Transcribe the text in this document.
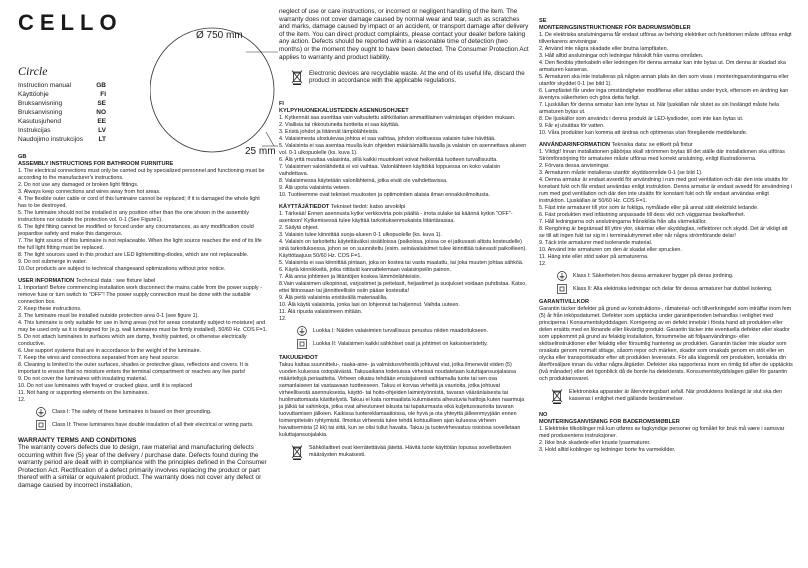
CELLO
Circle
Instruction manual	GB
Käyttöohje	FI
Bruksanvisning	SE
Bruksanvisning	NO
Kasutusjuhend	EE
Instrukcijas	LV
Naudojimo instrukcijos LT
GB
ASSEMBLY INSTRUCTIONS FOR BATHROOM FURNITURE

1. The electrical connections must only be carried out by specialized personnel and functioning must be according to the manufacturer's instructions.

2. Do not use any damaged or broken light fittings.

3. Always keep connections and wires away from hot areas.

4. The flexible outer cable or cord of this luminaire cannot be replaced; if it is damaged the whole light has to be destroyed.

5. The luminaire should not be installed in any position other than the one shown in the assembly instructions nor outside the protection vol. 0-1 (See Figure1).

6. The light fitting cannot be modified or forced under any circumstances, as any modification could jeopardise safety and make this dangerous.

7. The light source of this luminaire is not replaceable. When the light source reaches the end of its life the full light fitting must be replaced.

8. The light sources used in this product are LED lightemitting-diodes, which are not replaceable.

9. Do not submerge in water.

10.Our products are subject to technical changesand optimizations without prior notice.

USER INFORMATION Technical data : see fixture label

1. Important! Before commencing installation work disconnect the mains cable from the power supply - remove fuse or turn switch to "OFF"! The power supply connection must be done with the suitable connection box.

2. Keep these instructions.

3. The luminaire must be installed outside protection area 0-1 (see figure 1).

4. This luminaire is only suitable for use in living areas (not for areas constantly subject to moisture) and may be used only as it is designed for (e.g. wall luminaires must be firmly installed). 50/60 Hz. COS F=1.

5. Do not attach luminaires to surfaces which are damp, freshly painted, or otherwise electrically conductive.

6. Use support systems that are in accordance to the weight of the luminaire.

7. Keep the wires and connections separated from any heat source.

8. Cleaning is limited to the outer surfaces, shades or protective glass, reflectors and covers. It is important to ensure that no moisture enters the terminal compartment or reaches any live parts!

9. Do not cover the luminaires with insulating material.

10. Do not use luminaires with frayed or cracked glass, until it is replaced

11. Not hang or supporting elements on the luminaires.

12.

Class I: The safety of these luminaires is based on their grounding.
Class II: These luminaires have double insulation of all their electrical or wiring parts.
WARRANTY TERMS AND CONDITIONS

The warranty covers defects due to design, raw material and manufacturing defects occurring within five (5) year of the delivery / purchase date. Defects found during the warranty period are dealt with in compliance with the principles defined in the Consumer Protection Act. Rectification of a defect primarily involves replacing the product or part thereof with a similar or equivalent product. The warranty does not cover any defect or damage caused by incorrect installation,

neglect of use or care instructions, or incorrect or negligent handling of the item. The warranty does not cover damage caused by normal wear and tear, such as scratches and marks, damage caused by impact or an accident, or transport damage after delivery of the item. You can direct product complaints, please contact your dealer before taking any action. Defects should be reported within a reasonable time of detection (two months) or the moment they ought to have been detected. The Consumer Protection Act applies to warranty and product liability.

Electronic devices are recyclable waste. At the end of its useful life, discard the product in accordance with the applicable regulations.
FI
KYLPYHUONEKALUSTEIDEN ASENNUSOHJEET

1. Kytkennät saa suorittaa vain valtuutettu sähkölaitan ammattilainen valmistajan ohjeiden mukaan.

2. Viallisia tai rikkoutuneita tuotteita ei saa käyttää.

3. Eristä johdot ja liitännät lämpölähteistä.

4. Valaisimesta ulostulevaa johtoa ei saa vaihtaa, johdon vioittuessa valaisin tulee hävittää.

5. Valaisinta ei saa asentaa muulla kuin ohjeiden määräämällä tavalla ja valaisin on asennettava alueen vol. 0-1 ulkopuolelle (ks. kuva 1).

6. Älä yritä muuttaa valaisinta, sillä kaikki muutokset voivat heikentää tuotteen turvallisuutta.

7. Valaisimen valonlähdettä ei voi vaihtaa. Valonlähteen käyttöikä loppuessa on koko valaisin vaihdettava.

8. Valaisimessa käytetään valonlähteinä, jotka eivät ole vaihdettavissa.

9. Älä upota valaisinta veteen.

10. Tuotteemme ovat tekniset muutosten ja optimointien alaisia ilman ennakkoilmoitusta.

KÄYTTÄJÄTIEDOT Tekniset tiedot: katso arvokilpi

1. Tärkeää! Ennen asennusta kytke verkkovirta pois päältä - irrota sulake tai käännä kytkin "OFF"-asentoon! Kytkemisessä tulee käyttää tarkoituksenmukaista liitäntärasiaa.

2. Säilytä ohjeet.

3. Valaisin tulee kiinnittää suoja-alueen 0-1 ulkopuolelle (ks. kuva 1).

4. Valaisin on tarkoitettu käytettäväksi sisätiloissa (paikoissa, joissa ce ei jatkuvasti altistu kosteudelle) sinä tarkoituksessa, johon se on suunniteltu (esim. seinävalaisimet tulee kiinnittää tukevasti paikoilleen). Käyttötaajuus 50/60 Hz. COS F=1.

5. Valaisinta ei saa kiinnittää pintaan, joka on kostea tai vasta maalattu, tai joka muuten johtaa sähköä.

6. Käytä kiinnikkeitä, jotka riittävät kannattelemaan valaisinpeilin painon.

7. Älä anna johtimien ja liitäntöjen koskea lämmönlähteisiin.

8.Vain valaisimen ulkopinnat, varjostimet ja peitelasit, heijastimet ja suojukset voidaan puhdistaa. Katso, ettei liitinosaan tai jännitteellisiin osiin pääse kosteutta!

9. Älä peitä valaisinta eristävällä materiaalilla.

10. Älä käytä valaisinta, jonka lasi on lohjennut tai haljennut. Vaihda uuteen.

11. Älä ripusta valaisimeen mitään.

12.

Luokka I: Näiden valaisimien turvallisuus perustuu niiden maadoitukseen.
Luokka II: Valaisimen kaikki sähköiset osat ja johtimet on kaksoiseristetty.
TAKUUEHDOT

Takuu kattaa suunnittelu-, raaka-aine- ja valmistusvirheistä johtuvat viat, jotka ilmenevät viiden (5) vuoden kuluessa ostopäivästä. Takuuaikana todetuissa virheissä noudatetaan kuluttajansuojalaissa määriteltyjä periaatteita. Virheen oikaisu tehdään ensisijaisesti vaihtamalla tuote tai sen osa samanlaiseen tai vastaavaan tuotteeseen. Takuu ei korvaa virheitä ja vaurioita, jotka johtuvat virheellisestä asennuksesta, käyttö- tai hoito-ohjeiden laiminlyönnistä, tavaran vääränlaisesta tai huolimattomasta käsittelystä. Takuu ei kata normaalista kulumisesta aiheutuvia haittoja kuten naarmuja ja jälkiä tai vahinkoja, jotka ovat aiheutuneet iskusta tai tapaturmasta eikä kuljetusvaurioita tavaran luovuttamisen jälkeen. Kaikissa tuotereklamaatioissa, ole hyvä ja ota yhteyttä jälleenmyyjään ennen toimenpiteisiin ryhtymistä. Ilmoitus virheestä tulee tehdä kohtuullisen ajan kuluessa virheen havaitsemista (2 kk) tai siitä, kun se olisi tullut havaita. Takuu ja tuotevirhevastuu osioissa sovelletaan kuluttajansuojalakia.

Sähkölaitteet ovat kierrätettävää jätettä. Hävitä tuote käyttöiän lopussa sovellettavien määräysten mukaisesti.
Ø 750 mm
25 mm
SE
MONTERINGSINSTRUKTIONER FÖR BADRUMSMÖBLER

1. De elektriska anslutningarna får endast utföras av behörig elektriker och funktionen måste utföras enligt tillverkarens anvisningar.

2. Använd inte några skadade eller brutna lampfästen.

3. Håll alltid anslutningar och ledningar frånskilt från varma områden.

4. Den flexibla ytterkabeln eller ledningen för denna armatur kan inte bytas ut. Om denna är skadad ska armaturen kasseras.

5. Armaturen ska inte installeras på någon annan plats än den som visas i monteringsanvisningarna eller utanför skyddet 0-1 (se bild 1).

6. Lampfästet får under inga omständigheter modifieras eller sättas under tryck, eftersom en ändring kan äventyra säkerheten och göra detta farligt.

7. Ljuskällan för denna armatur kan inte bytas ut. När ljuskällan når slutet av sin livslängd måste hela armaturen bytas ut.

8. De ljuskällor som används i denna produkt är LED-lysdioder, som inte kan bytas ut.

9. Får ej utsättas för vatten.

10. Våra produkter kan komma att ändras och optimeras utan föregående meddelande.

ANVÄNDARINFORMATION Tekniska data: se etikett på fixtur

1. Viktigt! Innan installationen påbörjas skall strömmen brytas till det ställe där installationen ska utföras Strömförsörjning för armaturen måste utföras med korrekt anslutning, enligt illustrationerna.

2. Förvara dessa anvisningar.

3. Armaturen måste installeras utanför skyddsområde 0-1 (se bild 1).

4. Denna armatur är endast avsedd för användning i rum med god ventilation och där den inte utsätts för konstant fukt och får endast användas enligt instruktion. Denna armatur är endast avsedd för användning i rum med god ventilation och där den inte utsätts för konstant fukt och får endast användas enligt instruktion. Ljuskällan är 50/60 Hz. COS F=1.

5. Fäst inte armaturer till ytor som är fuktiga, nymålade eller på annat sätt elektriskt ledande.

6. Fäst produkten med infästning anpassade till dess vikt och väggarnas beskaffenhet.

7. Håll ledningarna och anslutningarna frånskilda från alla värmekällor.

8. Rengöring är begränsad till yttre ytor, skärmar eller skyddsglas, reflektorer och skydd. Det är viktigt att se till att ingen fukt tar sig in i terminalutrymmet eller når några strömförande delar!

9. Täck inte armaturer med isolerande material.

10. Använd inte armaturen om den är skadat eller sprucken.

11. Häng inte eller stöd saker på armaturerna.

12.

Klass I: Säkerheten hos dessa armaturer bygger på deras jordning.
Klass II: Alla elektriska ledningar och delar för dessa armaturer har dubbel isolering.
GARANTIVILLKOR

Garantin täcker defekter på grund av konstruktions-, råmaterial- och tillverkningsfel som inträffar inom fem (5) år från inköpsdatumet. Defekter som upptäcks under garantiperioden behandlas i enlighet med principerna i Konsumentskyddslagen. Korrigering av en defekt innebär i första hand att produkten eller delen ersätts med en liknande eller likvärdig produkt. Garantin täcker inte eventuella defekter eller skador som uppkommit på grund av felaktig installation, försummelse att följaanvändnings- eller skötselinstruktioner eller felaktig eller försumlig hantering av produkten. Garantin täcker inte skador som orsakats genom normalt slitage, såsom repor och märken, skador som orsakats genom en stöt eller en olycka eller transportskador efter att produkten levererats. För alla klagomål om produkten, kontakta din återförsäljare innan du vidtar några åtgärder. Defekter ska rapporteras inom en rimlig tid efter de upptäckts (två månader) eller det ögonblick då de borde ha detekterats. Konsumentskyddslagen gäller för garantin och produktansvaret.

Elektroniska apparater är återvinningsbart avfall. När produktens livslängd är slut ska den kasseras i enlighet med gällande bestämmelser.
NO
MONTERINGSANVISNING FOR BADEROMSMØBLER

1. Elektriske tilkoblinger må kun utføres av fagkyndige personer og fomålet for bruk må være i samsvar med produsentens instruksjoner.

2. Ikke bruk skadede eller knuste lysarmaturer.

3. Hold alltid koblinger og ledninger borte fra varmekilder.
